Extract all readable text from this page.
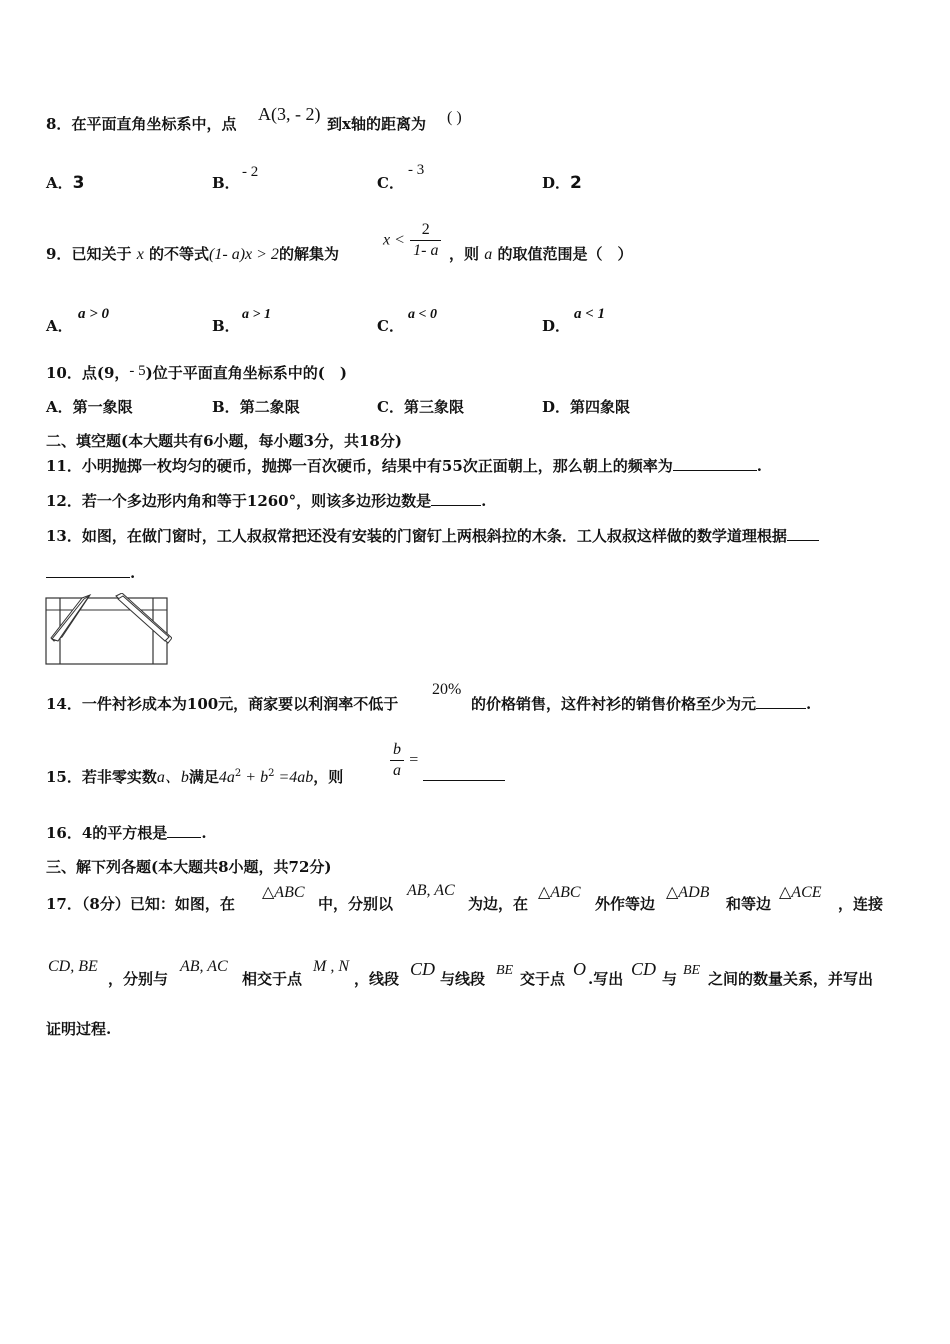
8．在平面直角坐标系中，点 A(3, - 2) 到x轴的距离为 ( )
A．3	B．
- 2
C．
- 3
D．2
9．已知关于 x 的不等式(1- a)x > 2的解集为
$x < \frac{2}{1- a}$ ，则 a 的取值范围是（　）
A．
a > 0
B．
a > 1
C．
a < 0
D．
a < 1
10．点(9，- 5)位于平面直角坐标系中的(　)
A．第一象限	B．第二象限	C．第三象限	D．第四象限
二、填空题(本大题共有6小题，每小题3分，共18分)
11．小明抛掷一枚均匀的硬币，抛掷一百次硬币，结果中有55次正面朝上，那么朝上的频率为	.
12．若一个多边形内角和等于1260°，则该多边形边数是	.
13．如图，在做门窗时，工人叔叔常把还没有安装的门窗钉上两根斜拉的木条．工人叔叔这样做的数学道理根据
.
14．一件衬衫成本为100元，商家要以利润率不低于
20%
的价格销售，这件衬衫的销售价格至少为元	.
15．若非零实数a、b满足$4a^2 + b^2 =4ab$，则	$\frac{b}{a}$ =
16．4的平方根是 .
三、解下列各题(本大题共8小题，共72分)
17．（8分）已知：如图，在
△ABC
中，分别以
AB, AC
为边，在
△ABC
外作等边
△ADB
和等边
△ACE
，连接
CD, BE
，分别与
AB, AC
相交于点
M , N
，线段 CD 与线段 BE 交于点 O .写出 CD 与 BE 之间的数量关系，并写出
证明过程.
